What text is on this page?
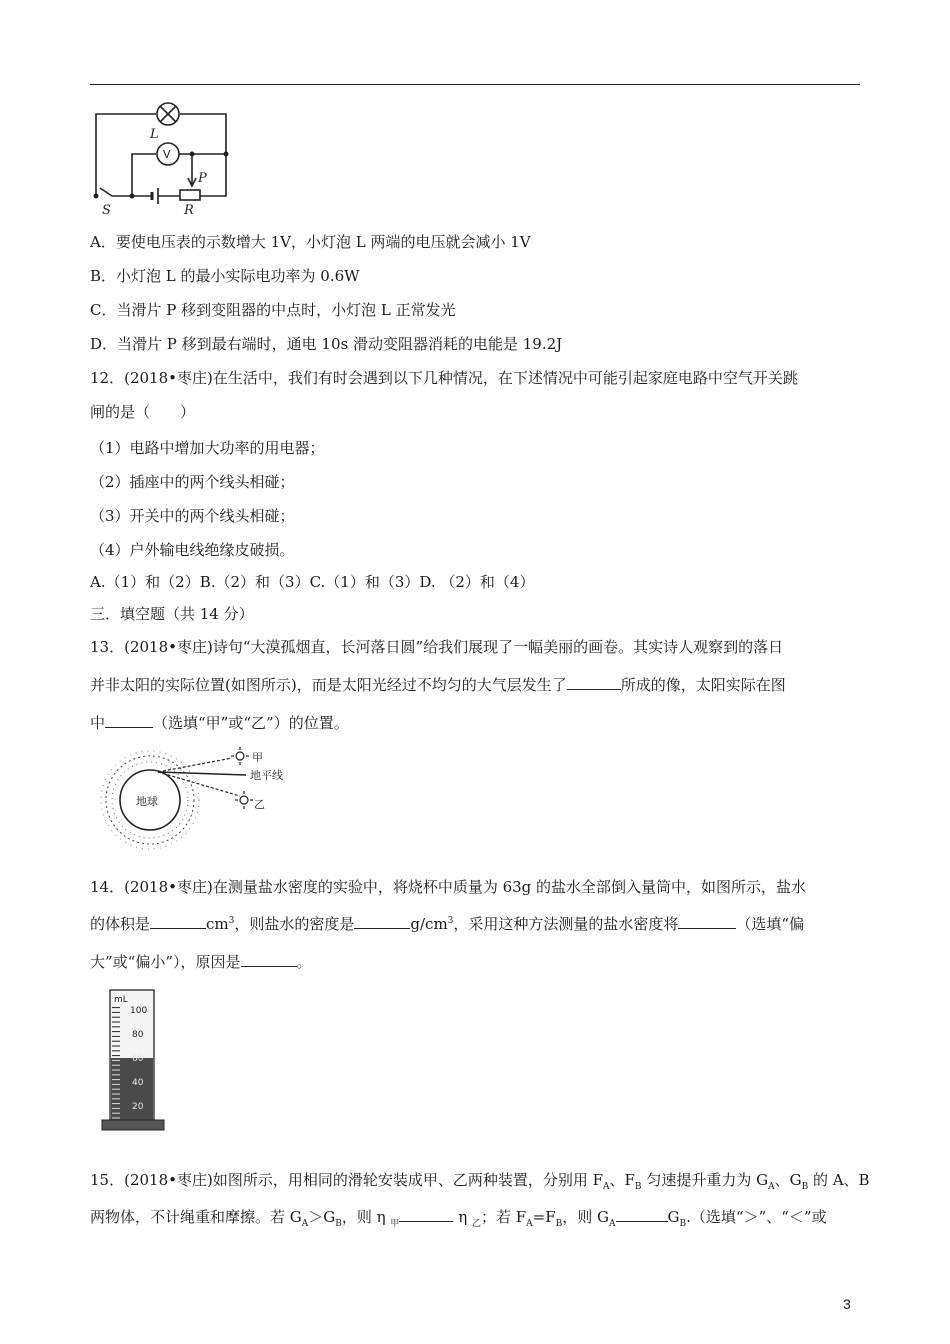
L
V
P
S	R
A．要使电压表的示数增大 1V，小灯泡 L 两端的电压就会减小 1V
B．小灯泡 L 的最小实际电功率为 0.6W
C．当滑片 P 移到变阻器的中点时，小灯泡 L 正常发光
D．当滑片 P 移到最右端时，通电 10s 滑动变阻器消耗的电能是 19.2J
12．(2018•枣庄)在生活中，我们有时会遇到以下几种情况，在下述情况中可能引起家庭电路中空气开关跳
闸的是（　　）
（1）电路中增加大功率的用电器；
（2）插座中的两个线头相碰；
（3）开关中的两个线头相碰；
（4）户外输电线绝缘皮破损。
A.（1）和（2）B.（2）和（3）C.（1）和（3）D. （2）和（4）
三．填空题（共 14 分）
13．(2018•枣庄)诗句“大漠孤烟直，长河落日圆”给我们展现了一幅美丽的画卷。其实诗人观察到的落日
并非太阳的实际位置(如图所示)，而是太阳光经过不均匀的大气层发生了	所成的像，太阳实际在图
中	（选填“甲”或“乙”）的位置。
地球
甲
地平线
乙
14．(2018•枣庄)在测量盐水密度的实验中，将烧杯中质量为 63g 的盐水全部倒入量筒中，如图所示，盐水
的体积是	$cm^3$，则盐水的密度是	$g/cm^3$，采用这种方法测量的盐水密度将	（选填“偏
大”或“偏小”），原因是	。
mL
100
80
60
40
20
15．(2018•枣庄)如图所示，用相同的滑轮安装成甲、乙两种装置，分别用 $F_A$、$F_B$ 匀速提升重力为 $G_A$、$G_B$ 的 A、B
两物体，不计绳重和摩擦。若 $G_A>G_B$，则 η $_甲$	η $_乙$；若 $F_A=F_B$，则 $G_A$	$G_B$.（选填“＞”、“＜”或
3
